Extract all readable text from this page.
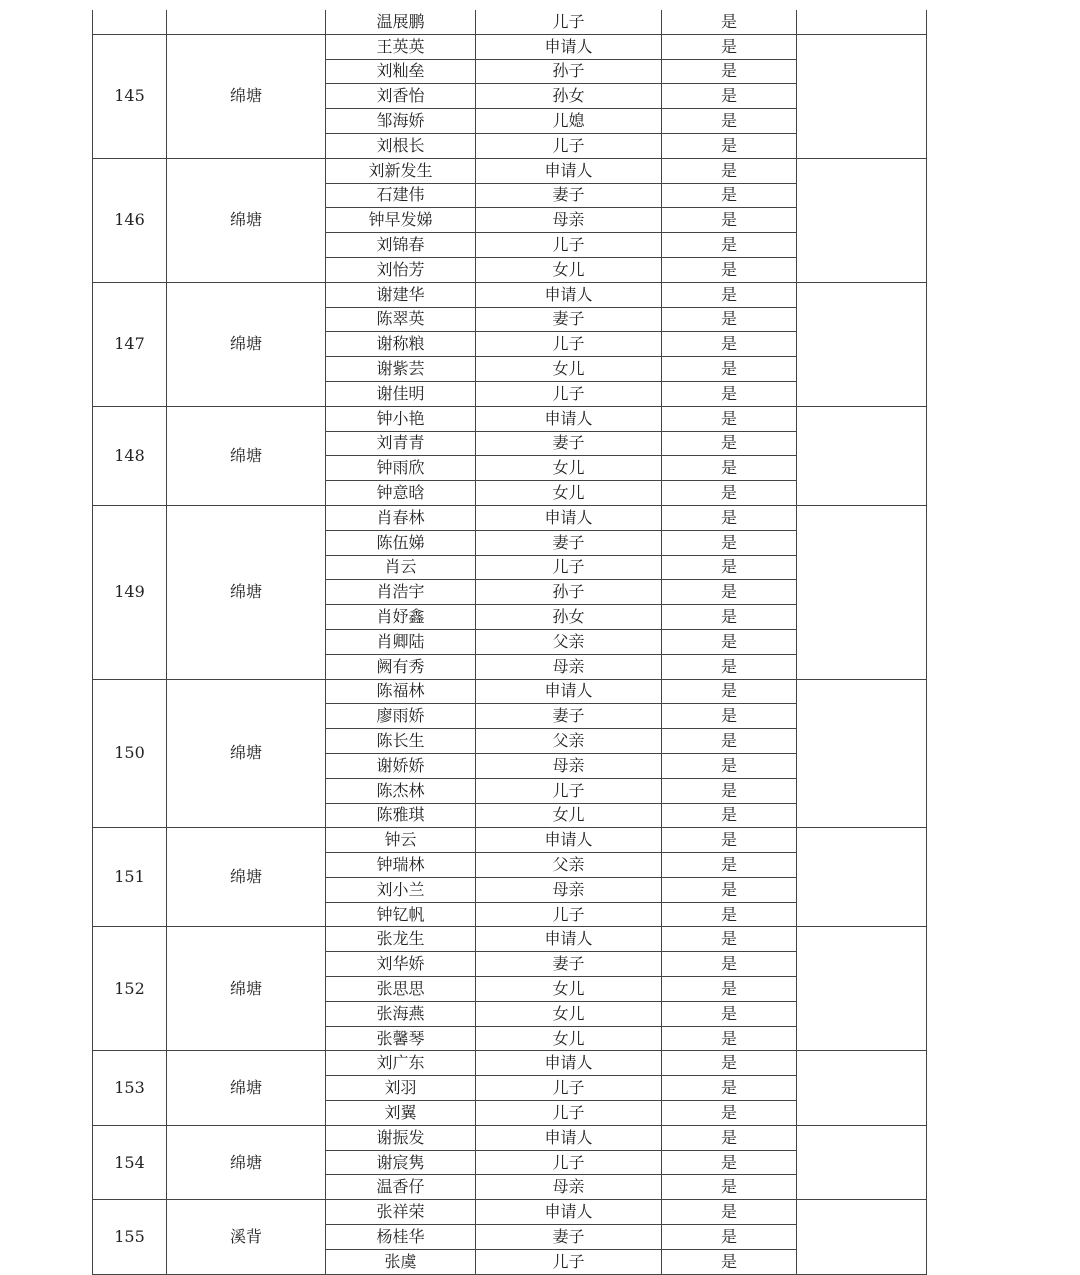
		温展鹏	儿子	是	
145	绵塘	王英英	申请人	是	
		刘籼垒	孙子	是	
		刘香怡	孙女	是	
		邹海娇	儿媳	是	
		刘根长	儿子	是	
146	绵塘	刘新发生	申请人	是	
		石建伟	妻子	是	
		钟早发娣	母亲	是	
		刘锦春	儿子	是	
		刘怡芳	女儿	是	
147	绵塘	谢建华	申请人	是	
		陈翠英	妻子	是	
		谢称粮	儿子	是	
		谢紫芸	女儿	是	
		谢佳明	儿子	是	
148	绵塘	钟小艳	申请人	是	
		刘青青	妻子	是	
		钟雨欣	女儿	是	
		钟意晗	女儿	是	
149	绵塘	肖春林	申请人	是	
		陈伍娣	妻子	是	
		肖云	儿子	是	
		肖浩宇	孙子	是	
		肖妤鑫	孙女	是	
		肖卿陆	父亲	是	
		阙有秀	母亲	是	
150	绵塘	陈福林	申请人	是	
		廖雨娇	妻子	是	
		陈长生	父亲	是	
		谢娇娇	母亲	是	
		陈杰林	儿子	是	
		陈雅琪	女儿	是	
151	绵塘	钟云	申请人	是	
		钟瑞林	父亲	是	
		刘小兰	母亲	是	
		钟钇帆	儿子	是	
152	绵塘	张龙生	申请人	是	
		刘华娇	妻子	是	
		张思思	女儿	是	
		张海燕	女儿	是	
		张馨琴	女儿	是	
153	绵塘	刘广东	申请人	是	
		刘羽	儿子	是	
		刘翼	儿子	是	
154	绵塘	谢振发	申请人	是	
		谢宸隽	儿子	是	
		温香仔	母亲	是	
155	溪背	张祥荣	申请人	是	
		杨桂华	妻子	是	
		张虞	儿子	是	
